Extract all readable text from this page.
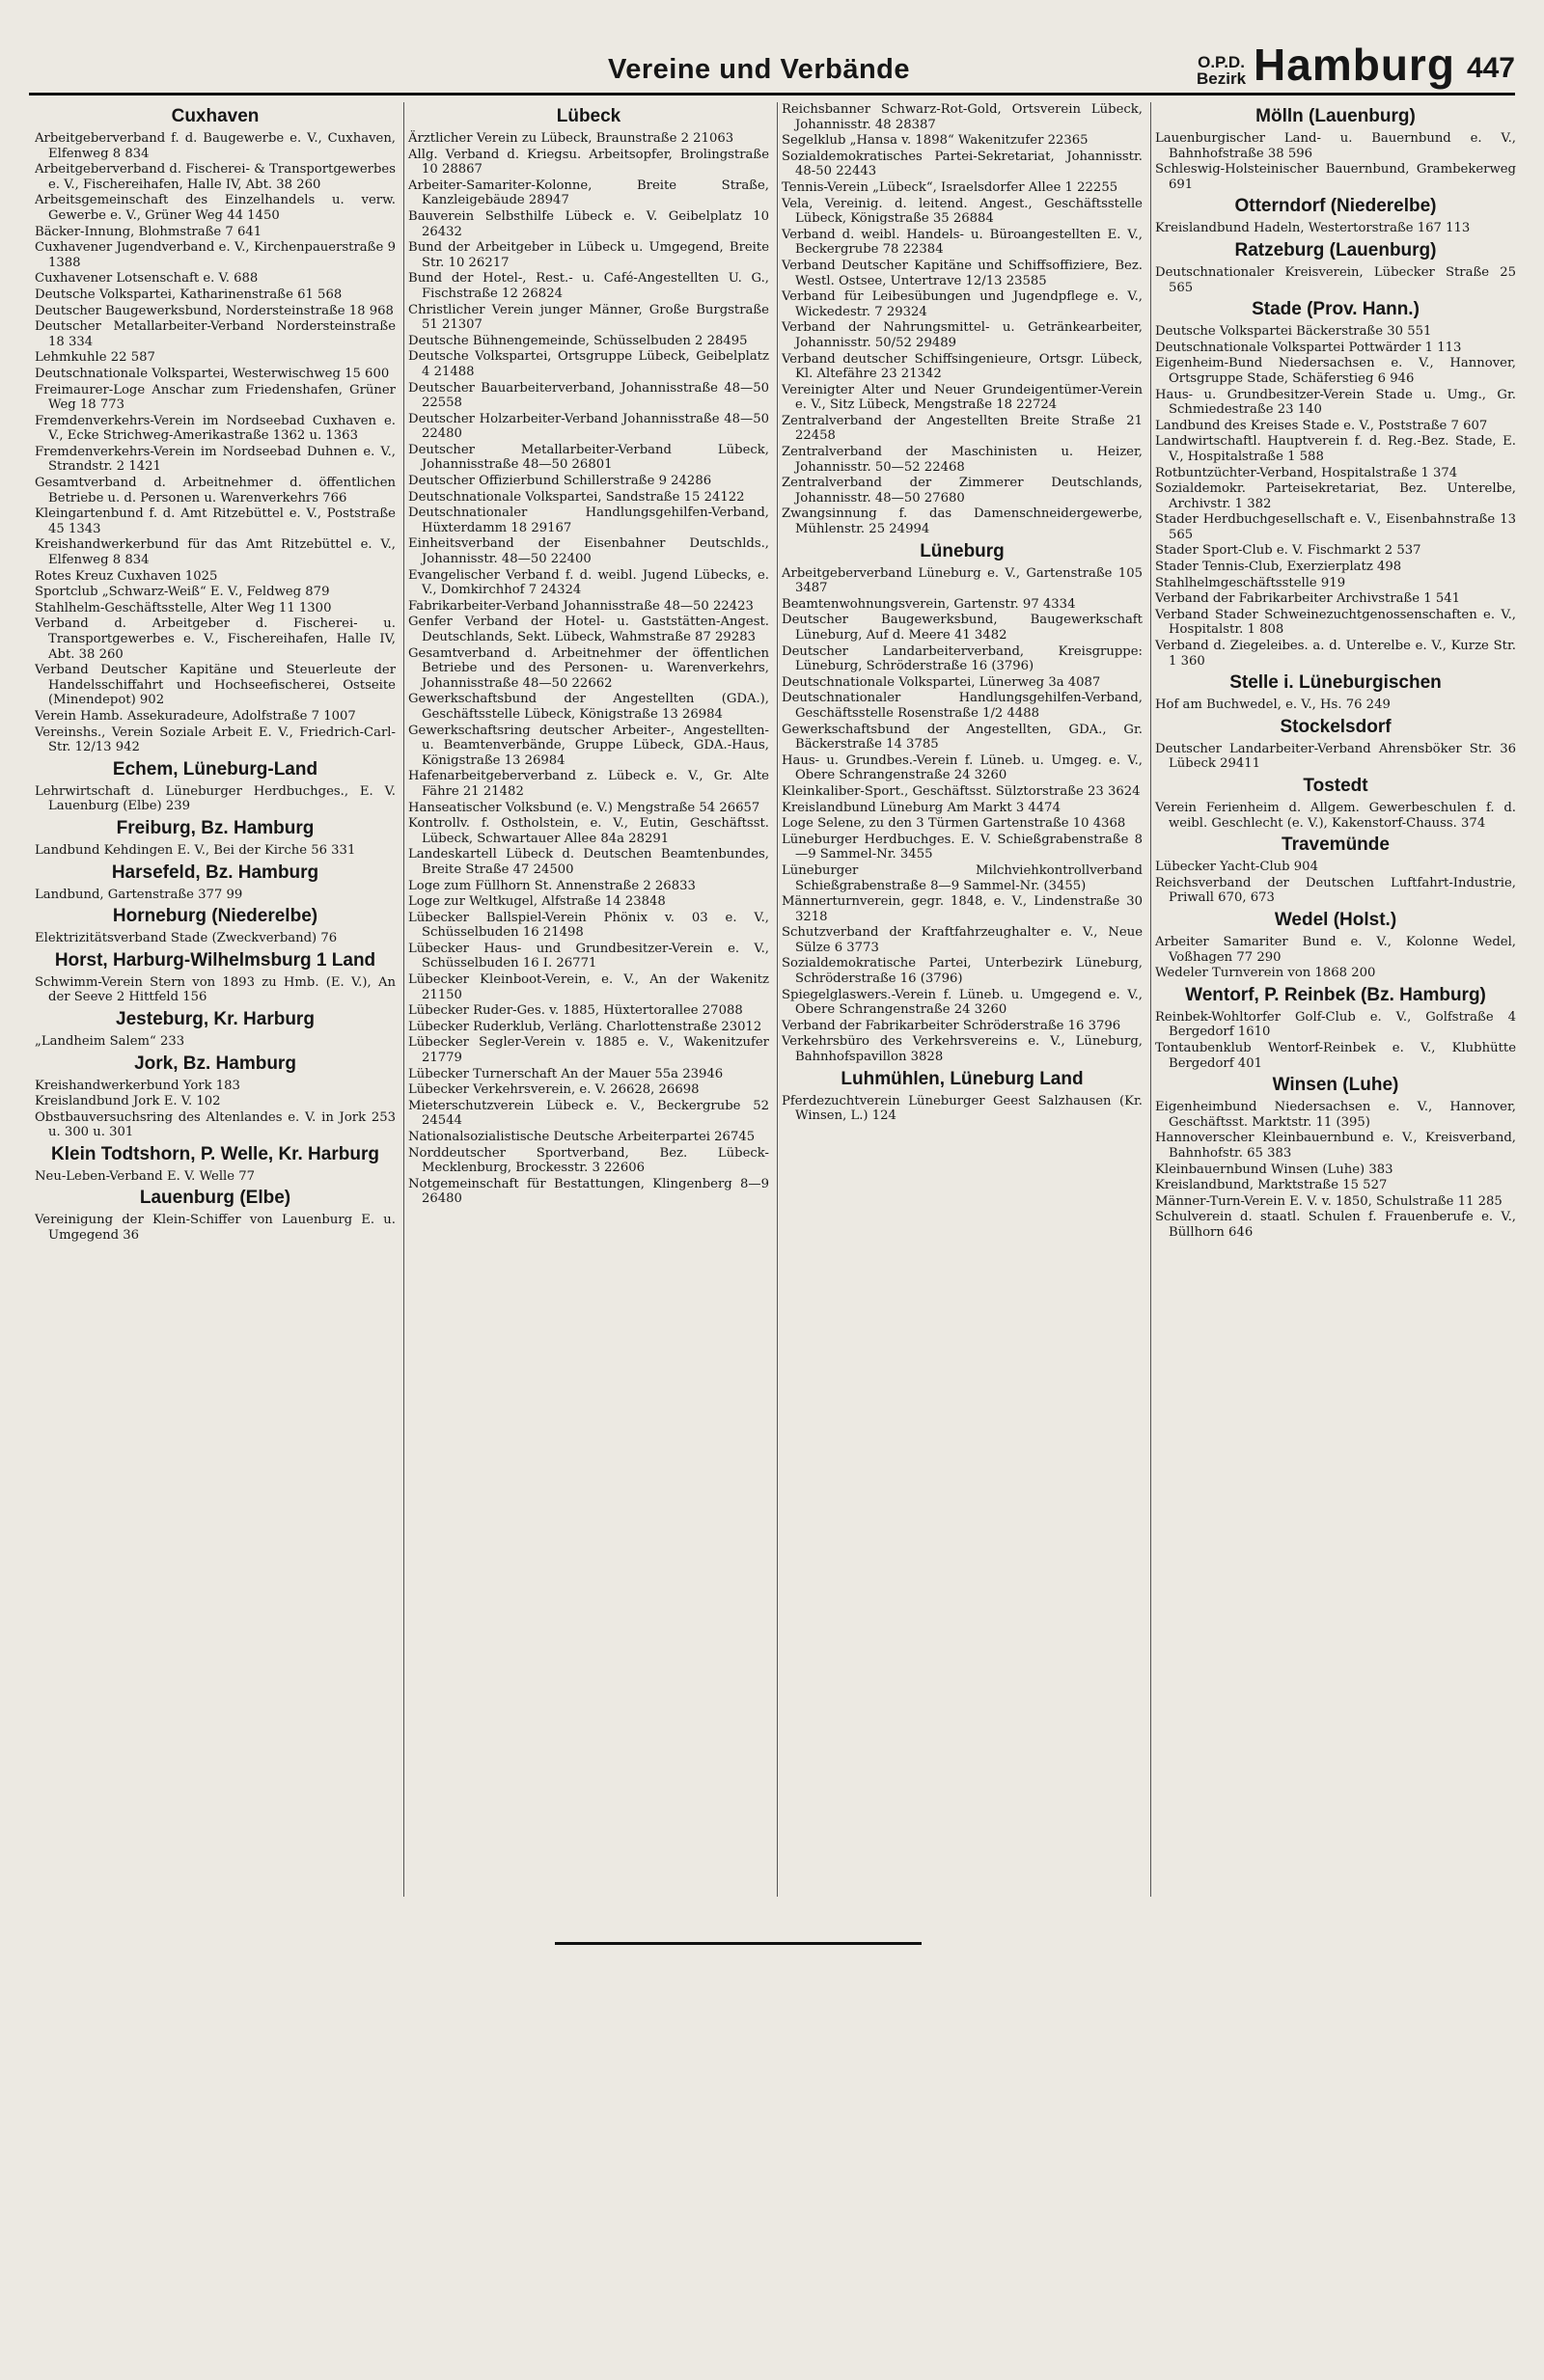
Vereine und Verbände	O.P.D.
Bezirk Hamburg 447
Cuxhaven
Arbeitgeberverband f. d. Baugewerbe e. V., Cuxhaven, Elfenweg 8 834
Arbeitgeberverband d. Fischerei- & Transportgewerbes e. V., Fischereihafen, Halle IV, Abt. 38 260
Arbeitsgemeinschaft des Einzelhandels u. verw. Gewerbe e. V., Grüner Weg 44 1450
Bäcker-Innung, Blohmstraße 7 641
Cuxhavener Jugendverband e. V., Kirchenpauerstraße 9 1388
Cuxhavener Lotsenschaft e. V. 688
Deutsche Volkspartei, Katharinenstraße 61 568
Deutscher Baugewerksbund, Nordersteinstraße 18 968
Deutscher Metallarbeiter-Verband Nordersteinstraße 18 334
Lehmkuhle 22 587
Deutschnationale Volkspartei, Westerwischweg 15 600
Freimaurer-Loge Anschar zum Friedenshafen, Grüner Weg 18 773
Fremdenverkehrs-Verein im Nordseebad Cuxhaven e. V., Ecke Strichweg-Amerikastraße 1362 u. 1363
Fremdenverkehrs-Verein im Nordseebad Duhnen e. V., Strandstr. 2 1421
Gesamtverband d. Arbeitnehmer d. öffentlichen Betriebe u. d. Personen u. Warenverkehrs 766
Kleingartenbund f. d. Amt Ritzebüttel e. V., Poststraße 45 1343
Kreishandwerkerbund für das Amt Ritzebüttel e. V., Elfenweg 8 834
Rotes Kreuz Cuxhaven 1025
Sportclub „Schwarz-Weiß“ E. V., Feldweg 879
Stahlhelm-Geschäftsstelle, Alter Weg 11 1300
Verband d. Arbeitgeber d. Fischerei- u. Transportgewerbes e. V., Fischereihafen, Halle IV, Abt. 38 260
Verband Deutscher Kapitäne und Steuerleute der Handelsschiffahrt und Hochseefischerei, Ostseite (Minendepot) 902
Verein Hamb. Assekuradeure, Adolfstraße 7 1007
Vereinshs., Verein Soziale Arbeit E. V., Friedrich-Carl-Str. 12/13 942
Echem, Lüneburg-Land
Lehrwirtschaft d. Lüneburger Herdbuchges., E. V. Lauenburg (Elbe) 239
Freiburg, Bz. Hamburg
Landbund Kehdingen E. V., Bei der Kirche 56 331
Harsefeld, Bz. Hamburg
Landbund, Gartenstraße 377 99
Horneburg (Niederelbe)
Elektrizitätsverband Stade (Zweckverband) 76
Horst, Harburg-Wilhelmsburg 1 Land
Schwimm-Verein Stern von 1893 zu Hmb. (E. V.), An der Seeve 2 Hittfeld 156
Jesteburg, Kr. Harburg
„Landheim Salem“ 233
Jork, Bz. Hamburg
Kreishandwerkerbund York 183
Kreislandbund Jork E. V. 102
Obstbauversuchsring des Altenlandes e. V. in Jork 253 u. 300 u. 301
Klein Todtshorn, P. Welle, Kr. Harburg
Neu-Leben-Verband E. V. Welle 77
Lauenburg (Elbe)
Vereinigung der Klein-Schiffer von Lauenburg E. u. Umgegend 36
Lübeck
Ärztlicher Verein zu Lübeck, Braunstraße 2 21063
Allg. Verband d. Kriegsu. Arbeitsopfer, Brolingstraße 10 28867
Arbeiter-Samariter-Kolonne, Breite Straße, Kanzleigebäude 28947
Bauverein Selbsthilfe Lübeck e. V. Geibelplatz 10 26432
Bund der Arbeitgeber in Lübeck u. Umgegend, Breite Str. 10 26217
Bund der Hotel-, Rest.- u. Café-Angestellten U. G., Fischstraße 12 26824
Christlicher Verein junger Männer, Große Burgstraße 51 21307
Deutsche Bühnengemeinde, Schüsselbuden 2 28495
Deutsche Volkspartei, Ortsgruppe Lübeck, Geibelplatz 4 21488
Deutscher Bauarbeiterverband, Johannisstraße 48—50 22558
Deutscher Holzarbeiter-Verband Johannisstraße 48—50 22480
Deutscher Metallarbeiter-Verband Lübeck, Johannisstraße 48—50 26801
Deutscher Offizierbund Schillerstraße 9 24286
Deutschnationale Volkspartei, Sandstraße 15 24122
Deutschnationaler Handlungsgehilfen-Verband, Hüxterdamm 18 29167
Einheitsverband der Eisenbahner Deutschlds., Johannisstr. 48—50 22400
Evangelischer Verband f. d. weibl. Jugend Lübecks, e. V., Domkirchhof 7 24324
Fabrikarbeiter-Verband Johannisstraße 48—50 22423
Genfer Verband der Hotel- u. Gaststätten-Angest. Deutschlands, Sekt. Lübeck, Wahmstraße 87 29283
Gesamtverband d. Arbeitnehmer der öffentlichen Betriebe und des Personen- u. Warenverkehrs, Johannisstraße 48—50 22662
Gewerkschaftsbund der Angestellten (GDA.), Geschäftsstelle Lübeck, Königstraße 13 26984
Gewerkschaftsring deutscher Arbeiter-, Angestellten- u. Beamtenverbände, Gruppe Lübeck, GDA.-Haus, Königstraße 13 26984
Hafenarbeitgeberverband z. Lübeck e. V., Gr. Alte Fähre 21 21482
Hanseatischer Volksbund (e. V.) Mengstraße 54 26657
Kontrollv. f. Ostholstein, e. V., Eutin, Geschäftsst. Lübeck, Schwartauer Allee 84a 28291
Landeskartell Lübeck d. Deutschen Beamtenbundes, Breite Straße 47 24500
Loge zum Füllhorn St. Annenstraße 2 26833
Loge zur Weltkugel, Alfstraße 14 23848
Lübecker Ballspiel-Verein Phönix v. 03 e. V., Schüsselbuden 16 21498
Lübecker Haus- und Grundbesitzer-Verein e. V., Schüsselbuden 16 I. 26771
Lübecker Kleinboot-Verein, e. V., An der Wakenitz 21150
Lübecker Ruder-Ges. v. 1885, Hüxtertorallee 27088
Lübecker Ruderklub, Verläng. Charlottenstraße 23012
Lübecker Segler-Verein v. 1885 e. V., Wakenitzufer 21779
Lübecker Turnerschaft An der Mauer 55a 23946
Lübecker Verkehrsverein, e. V. 26628, 26698
Mieterschutzverein Lübeck e. V., Beckergrube 52 24544
Nationalsozialistische Deutsche Arbeiterpartei 26745
Norddeutscher Sportverband, Bez. Lübeck-Mecklenburg, Brockesstr. 3 22606
Notgemeinschaft für Bestattungen, Klingenberg 8—9 26480
Reichsbanner Schwarz-Rot-Gold, Ortsverein Lübeck, Johannisstr. 48 28387
Segelklub „Hansa v. 1898“ Wakenitzufer 22365
Sozialdemokratisches Partei-Sekretariat, Johannisstr. 48-50 22443
Tennis-Verein „Lübeck“, Israelsdorfer Allee 1 22255
Vela, Vereinig. d. leitend. Angest., Geschäftsstelle Lübeck, Königstraße 35 26884
Verband d. weibl. Handels- u. Büroangestellten E. V., Beckergrube 78 22384
Verband Deutscher Kapitäne und Schiffsoffiziere, Bez. Westl. Ostsee, Untertrave 12/13 23585
Verband für Leibesübungen und Jugendpflege e. V., Wickedestr. 7 29324
Verband der Nahrungsmittel- u. Getränkearbeiter, Johannisstr. 50/52 29489
Verband deutscher Schiffsingenieure, Ortsgr. Lübeck, Kl. Altefähre 23 21342
Vereinigter Alter und Neuer Grundeigentümer-Verein e. V., Sitz Lübeck, Mengstraße 18 22724
Zentralverband der Angestellten Breite Straße 21 22458
Zentralverband der Maschinisten u. Heizer, Johannisstr. 50—52 22468
Zentralverband der Zimmerer Deutschlands, Johannisstr. 48—50 27680
Zwangsinnung f. das Damenschneidergewerbe, Mühlenstr. 25 24994
Lüneburg
Arbeitgeberverband Lüneburg e. V., Gartenstraße 105 3487
Beamtenwohnungsverein, Gartenstr. 97 4334
Deutscher Baugewerksbund, Baugewerkschaft Lüneburg, Auf d. Meere 41 3482
Deutscher Landarbeiterverband, Kreisgruppe: Lüneburg, Schröderstraße 16 (3796)
Deutschnationale Volkspartei, Lünerweg 3a 4087
Deutschnationaler Handlungsgehilfen-Verband, Geschäftsstelle Rosenstraße 1/2 4488
Gewerkschaftsbund der Angestellten, GDA., Gr. Bäckerstraße 14 3785
Haus- u. Grundbes.-Verein f. Lüneb. u. Umgeg. e. V., Obere Schrangenstraße 24 3260
Kleinkaliber-Sport., Geschäftsst. Sülztorstraße 23 3624
Kreislandbund Lüneburg Am Markt 3 4474
Loge Selene, zu den 3 Türmen Gartenstraße 10 4368
Lüneburger Herdbuchges. E. V. Schießgrabenstraße 8—9 Sammel-Nr. 3455
Lüneburger Milchviehkontrollverband Schießgrabenstraße 8—9 Sammel-Nr. (3455)
Männerturnverein, gegr. 1848, e. V., Lindenstraße 30 3218
Schutzverband der Kraftfahrzeughalter e. V., Neue Sülze 6 3773
Sozialdemokratische Partei, Unterbezirk Lüneburg, Schröderstraße 16 (3796)
Spiegelglaswers.-Verein f. Lüneb. u. Umgegend e. V., Obere Schrangenstraße 24 3260
Verband der Fabrikarbeiter Schröderstraße 16 3796
Verkehrsbüro des Verkehrsvereins e. V., Lüneburg, Bahnhofspavillon 3828
Luhmühlen, Lüneburg Land
Pferdezuchtverein Lüneburger Geest Salzhausen (Kr. Winsen, L.) 124
Mölln (Lauenburg)
Lauenburgischer Land- u. Bauernbund e. V., Bahnhofstraße 38 596
Schleswig-Holsteinischer Bauernbund, Grambekerweg 691
Otterndorf (Niederelbe)
Kreislandbund Hadeln, Westertorstraße 167 113
Ratzeburg (Lauenburg)
Deutschnationaler Kreisverein, Lübecker Straße 25 565
Stade (Prov. Hann.)
Deutsche Volkspartei Bäckerstraße 30 551
Deutschnationale Volkspartei Pottwärder 1 113
Eigenheim-Bund Niedersachsen e. V., Hannover, Ortsgruppe Stade, Schäferstieg 6 946
Haus- u. Grundbesitzer-Verein Stade u. Umg., Gr. Schmiedestraße 23 140
Landbund des Kreises Stade e. V., Poststraße 7 607
Landwirtschaftl. Hauptverein f. d. Reg.-Bez. Stade, E. V., Hospitalstraße 1 588
Rotbuntzüchter-Verband, Hospitalstraße 1 374
Sozialdemokr. Parteisekretariat, Bez. Unterelbe, Archivstr. 1 382
Stader Herdbuchgesellschaft e. V., Eisenbahnstraße 13 565
Stader Sport-Club e. V. Fischmarkt 2 537
Stader Tennis-Club, Exerzierplatz 498
Stahlhelmgeschäftsstelle 919
Verband der Fabrikarbeiter Archivstraße 1 541
Verband Stader Schweinezuchtgenossenschaften e. V., Hospitalstr. 1 808
Verband d. Ziegeleibes. a. d. Unterelbe e. V., Kurze Str. 1 360
Stelle i. Lüneburgischen
Hof am Buchwedel, e. V., Hs. 76 249
Stockelsdorf
Deutscher Landarbeiter-Verband Ahrensböker Str. 36 Lübeck 29411
Tostedt
Verein Ferienheim d. Allgem. Gewerbeschulen f. d. weibl. Geschlecht (e. V.), Kakenstorf-Chauss. 374
Travemünde
Lübecker Yacht-Club 904
Reichsverband der Deutschen Luftfahrt-Industrie, Priwall 670, 673
Wedel (Holst.)
Arbeiter Samariter Bund e. V., Kolonne Wedel, Voßhagen 77 290
Wedeler Turnverein von 1868 200
Wentorf, P. Reinbek (Bz. Hamburg)
Reinbek-Wohltorfer Golf-Club e. V., Golfstraße 4 Bergedorf 1610
Tontaubenklub Wentorf-Reinbek e. V., Klubhütte Bergedorf 401
Winsen (Luhe)
Eigenheimbund Niedersachsen e. V., Hannover, Geschäftsst. Marktstr. 11 (395)
Hannoverscher Kleinbauernbund e. V., Kreisverband, Bahnhofstr. 65 383
Kleinbauernbund Winsen (Luhe) 383
Kreislandbund, Marktstraße 15 527
Männer-Turn-Verein E. V. v. 1850, Schulstraße 11 285
Schulverein d. staatl. Schulen f. Frauenberufe e. V., Büllhorn 646
